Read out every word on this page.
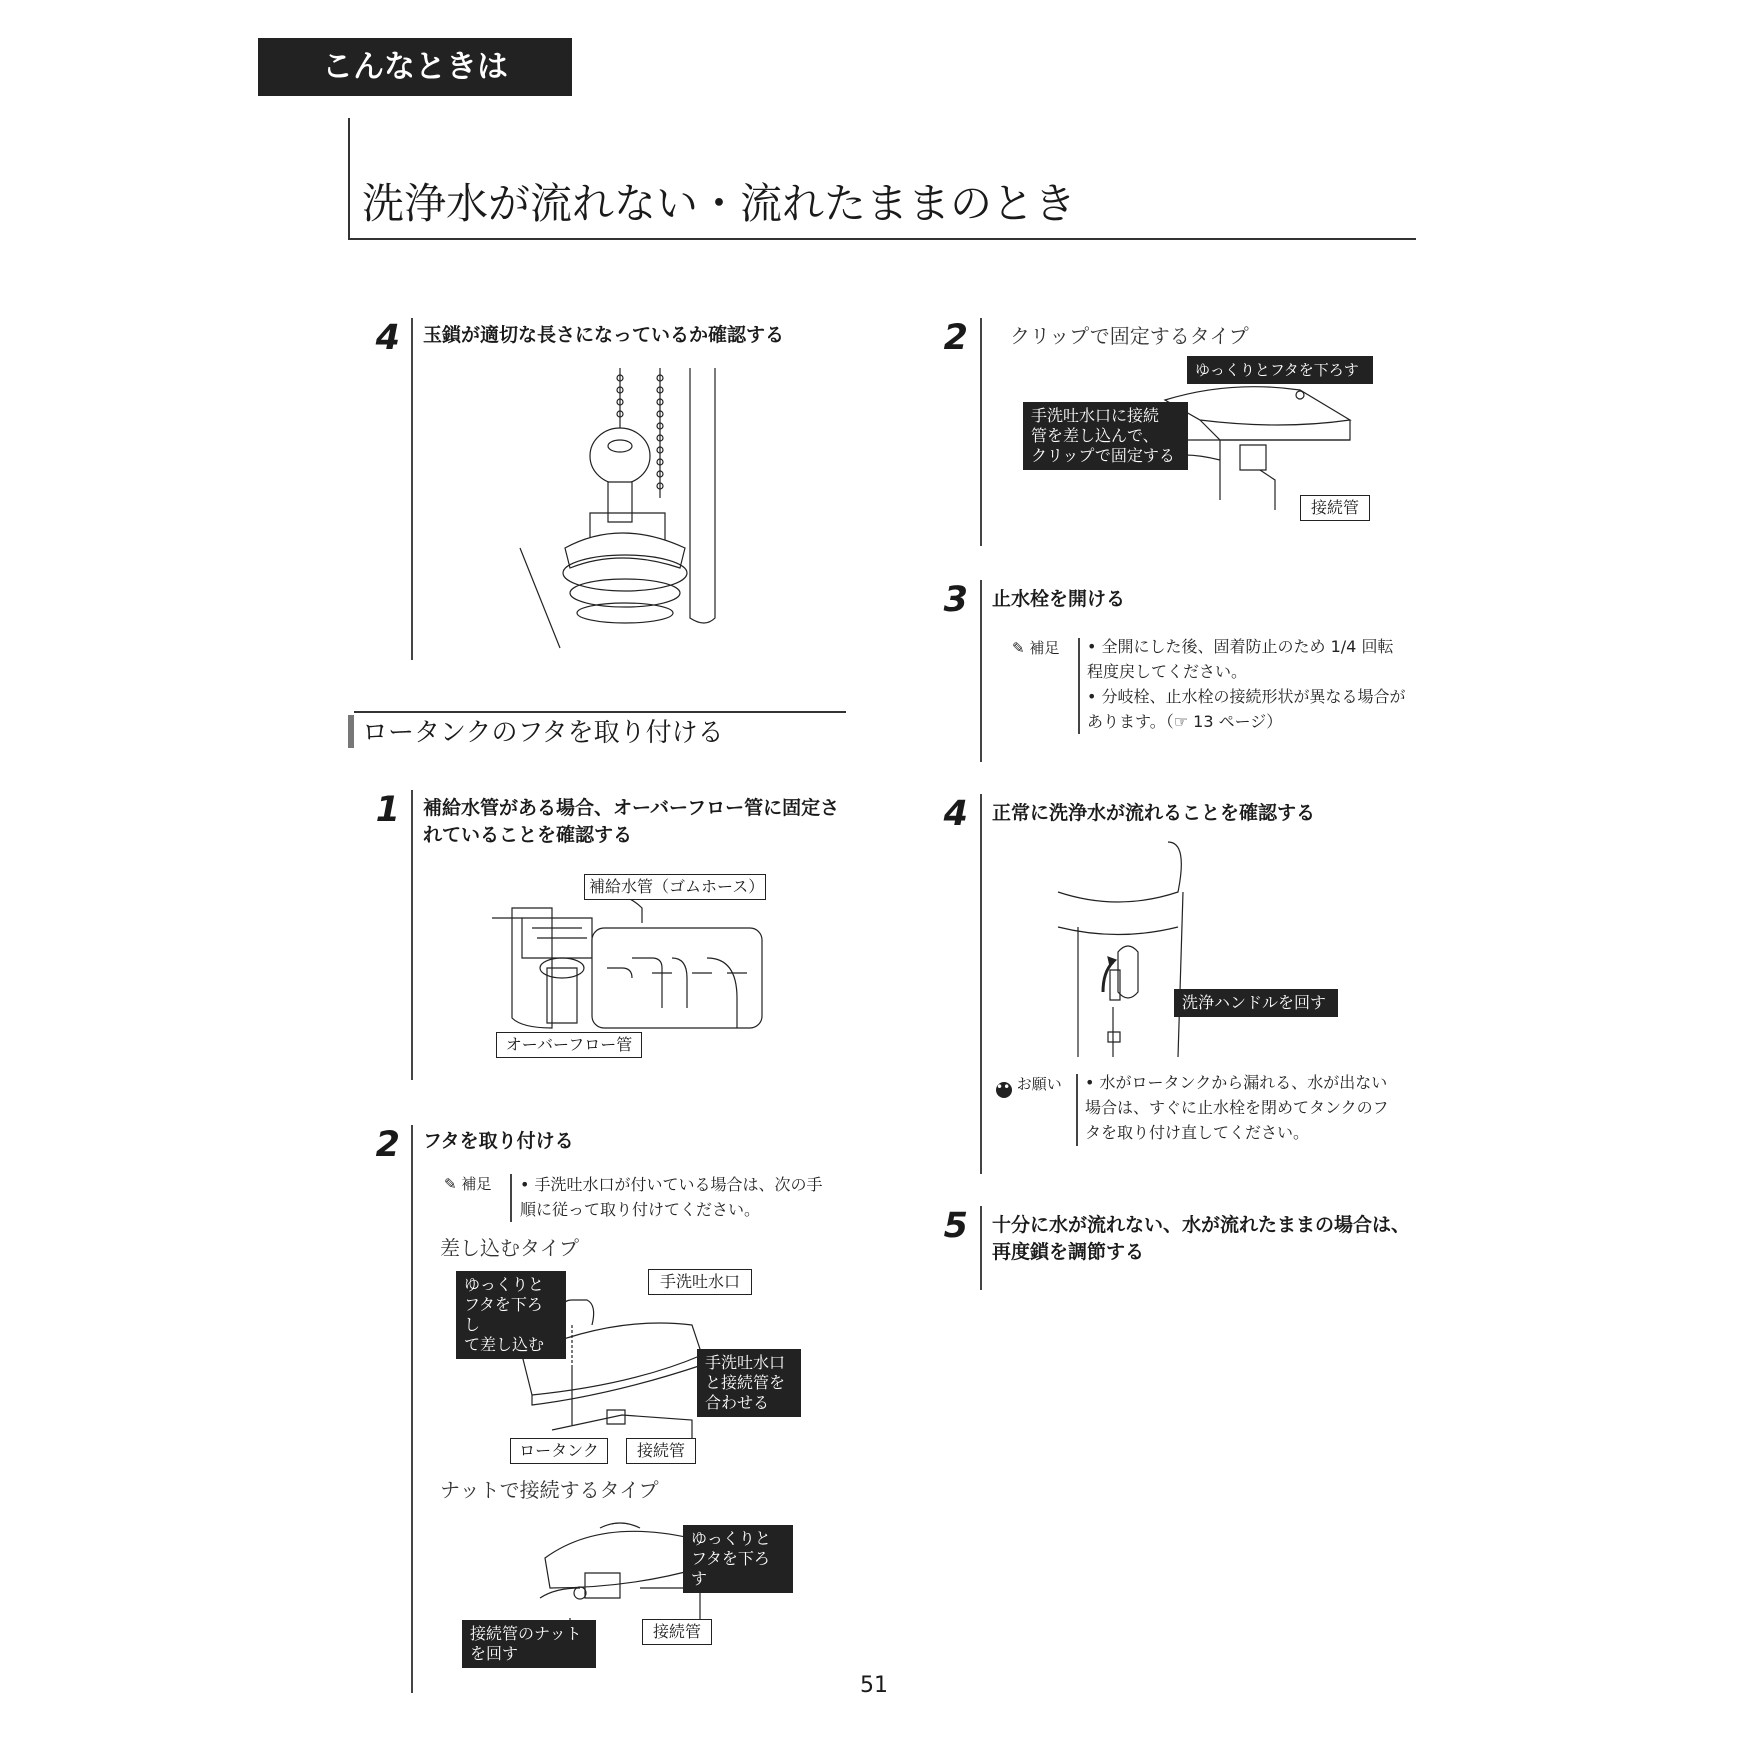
こんなときは
洗浄水が流れない・流れたままのとき
4 玉鎖が適切な長さになっているか確認する
ロータンクのフタを取り付ける
1 補給水管がある場合、オーバーフロー管に固定されていることを確認する
補給水管（ゴムホース）
オーバーフロー管
2 フタを取り付ける
✎ 補足 • 手洗吐水口が付いている場合は、次の手順に従って取り付けてください。
差し込むタイプ
ゆっくりと
フタを下ろし
て差し込む
手洗吐水口
手洗吐水口
と接続管を
合わせる
ロータンク	接続管
ナットで接続するタイプ
ゆっくりと
フタを下ろす
接続管のナット
を回す
接続管
2 クリップで固定するタイプ
ゆっくりとフタを下ろす
手洗吐水口に接続
管を差し込んで、
クリップで固定する
接続管
3 止水栓を開ける
✎ 補足 • 全開にした後、固着防止のため 1/4 回転程度戻してください。
• 分岐栓、止水栓の接続形状が異なる場合があります。（☞ 13 ページ）
4 正常に洗浄水が流れることを確認する
洗浄ハンドルを回す
••• お願い • 水がロータンクから漏れる、水が出ない場合は、すぐに止水栓を閉めてタンクのフタを取り付け直してください。
5 十分に水が流れない、水が流れたままの場合は、再度鎖を調節する
51
